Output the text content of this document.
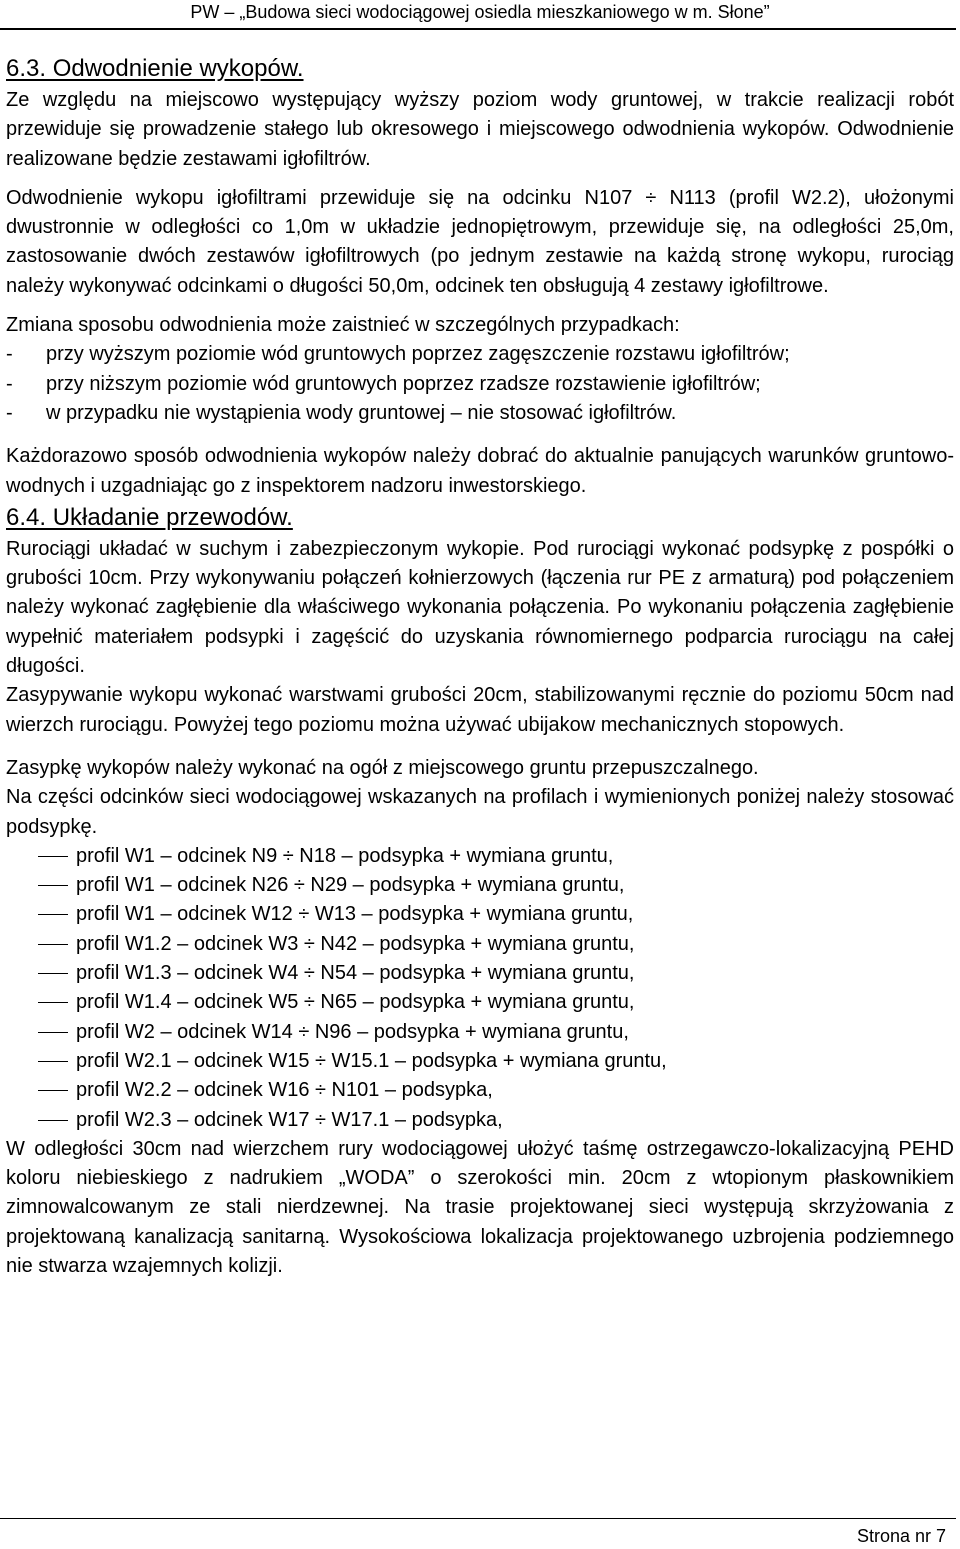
PW – „Budowa sieci wodociągowej osiedla mieszkaniowego w m. Słone”
6.3. Odwodnienie wykopów.

Ze względu na miejscowo występujący wyższy poziom wody gruntowej, w trakcie realizacji robót przewiduje się prowadzenie stałego lub okresowego i miejscowego odwodnienia wykopów. Odwodnienie realizowane będzie zestawami igłofiltrów.

Odwodnienie wykopu igłofiltrami przewiduje się na odcinku N107 ÷ N113 (profil W2.2), ułożonymi dwustronnie w odległości co 1,0m w układzie jednopiętrowym, przewiduje się, na odległości 25,0m, zastosowanie dwóch zestawów igłofiltrowych (po jednym zestawie na każdą stronę wykopu, rurociąg należy wykonywać odcinkami o długości 50,0m, odcinek ten obsługują 4 zestawy igłofiltrowe.

Zmiana sposobu odwodnienia może zaistnieć w szczególnych przypadkach:

-	przy wyższym poziomie wód gruntowych poprzez zagęszczenie rozstawu igłofiltrów;
-	przy niższym poziomie wód gruntowych poprzez rzadsze rozstawienie igłofiltrów;
-	w przypadku nie wystąpienia wody gruntowej – nie stosować igłofiltrów.

Każdorazowo sposób odwodnienia wykopów należy dobrać do aktualnie panujących warunków gruntowo-wodnych i uzgadniając go z inspektorem nadzoru inwestorskiego.

6.4. Układanie przewodów.

Rurociągi układać w suchym i zabezpieczonym wykopie. Pod rurociągi wykonać podsypkę z pospółki o grubości 10cm. Przy wykonywaniu połączeń kołnierzowych (łączenia rur PE z armaturą) pod połączeniem należy wykonać zagłębienie dla właściwego wykonania połączenia. Po wykonaniu połączenia zagłębienie wypełnić materiałem podsypki i zagęścić do uzyskania równomiernego podparcia rurociągu na całej długości.

Zasypywanie wykopu wykonać warstwami grubości 20cm, stabilizowanymi ręcznie do poziomu 50cm nad wierzch rurociągu. Powyżej tego poziomu można używać ubijakow mechanicznych stopowych.

Zasypkę wykopów należy wykonać na ogół z miejscowego gruntu przepuszczalnego.

Na części odcinków sieci wodociągowej wskazanych na profilach i wymienionych poniżej należy stosować podsypkę.

profil W1 – odcinek N9 ÷ N18 – podsypka + wymiana gruntu,
profil W1 – odcinek N26 ÷ N29 – podsypka + wymiana gruntu,
profil W1 – odcinek W12 ÷ W13 – podsypka + wymiana gruntu,
profil W1.2 – odcinek W3 ÷ N42 – podsypka + wymiana gruntu,
profil W1.3 – odcinek W4 ÷ N54 – podsypka + wymiana gruntu,
profil W1.4 – odcinek W5 ÷ N65 – podsypka + wymiana gruntu,
profil W2 – odcinek W14 ÷ N96 – podsypka + wymiana gruntu,
profil W2.1 – odcinek W15 ÷ W15.1 – podsypka + wymiana gruntu,
profil W2.2 – odcinek W16 ÷ N101 – podsypka,
profil W2.3 – odcinek W17 ÷ W17.1 – podsypka,

W odległości 30cm nad wierzchem rury wodociągowej ułożyć taśmę ostrzegawczo-lokalizacyjną PEHD koloru niebieskiego z nadrukiem „WODA” o szerokości min. 20cm z wtopionym płaskownikiem zimnowalcowanym ze stali nierdzewnej. Na trasie projektowanej sieci występują skrzyżowania z projektowaną kanalizacją sanitarną. Wysokościowa lokalizacja projektowanego uzbrojenia podziemnego nie stwarza wzajemnych kolizji.

Strona nr 7
